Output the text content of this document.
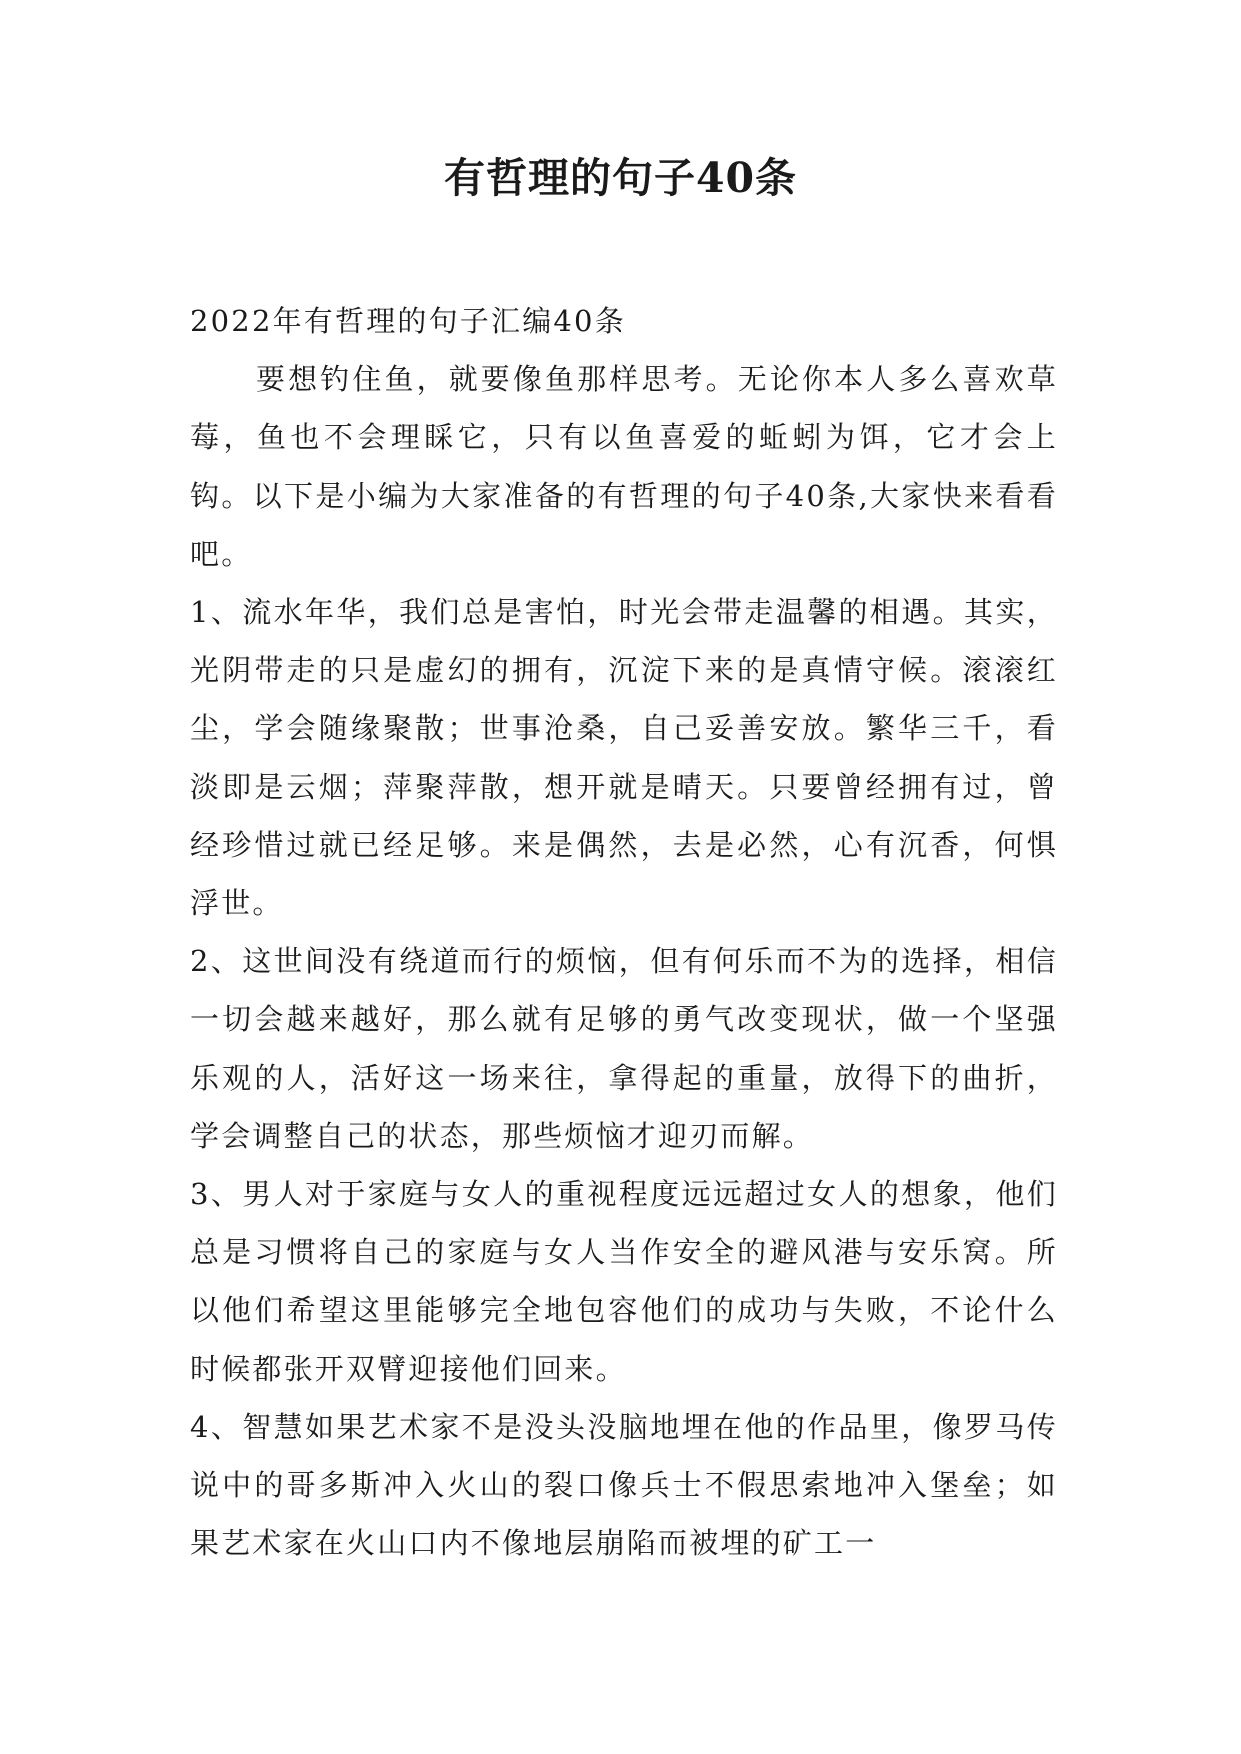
有哲理的句子40条

2022年有哲理的句子汇编40条

要想钓住鱼，就要像鱼那样思考。无论你本人多么喜欢草莓，鱼也不会理睬它，只有以鱼喜爱的蚯蚓为饵，它才会上钩。以下是小编为大家准备的有哲理的句子40条,大家快来看看吧。

1、流水年华，我们总是害怕，时光会带走温馨的相遇。其实，光阴带走的只是虚幻的拥有，沉淀下来的是真情守候。滚滚红尘，学会随缘聚散；世事沧桑，自己妥善安放。繁华三千，看淡即是云烟；萍聚萍散，想开就是晴天。只要曾经拥有过，曾经珍惜过就已经足够。来是偶然，去是必然，心有沉香，何惧浮世。

2、这世间没有绕道而行的烦恼，但有何乐而不为的选择，相信一切会越来越好，那么就有足够的勇气改变现状，做一个坚强乐观的人，活好这一场来往，拿得起的重量，放得下的曲折，学会调整自己的状态，那些烦恼才迎刃而解。

3、男人对于家庭与女人的重视程度远远超过女人的想象，他们总是习惯将自己的家庭与女人当作安全的避风港与安乐窝。所以他们希望这里能够完全地包容他们的成功与失败，不论什么时候都张开双臂迎接他们回来。

4、智慧如果艺术家不是没头没脑地埋在他的作品里，像罗马传说中的哥多斯冲入火山的裂口像兵士不假思索地冲入堡垒；如果艺术家在火山口内不像地层崩陷而被埋的矿工一
